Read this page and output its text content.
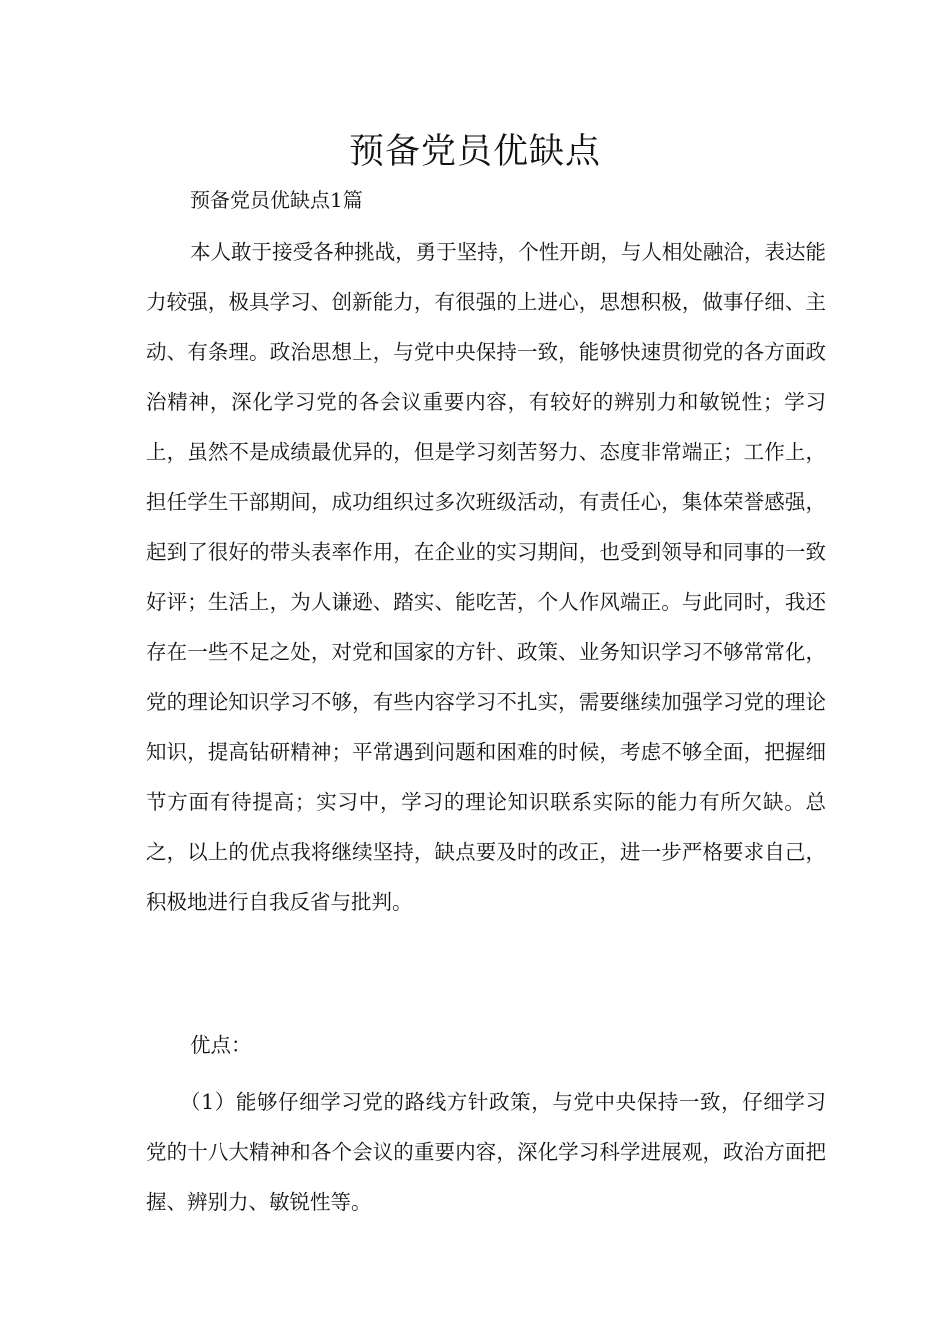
预备党员优缺点

预备党员优缺点1篇

本人敢于接受各种挑战，勇于坚持，个性开朗，与人相处融洽，表达能力较强，极具学习、创新能力，有很强的上进心，思想积极，做事仔细、主动、有条理。政治思想上，与党中央保持一致，能够快速贯彻党的各方面政治精神，深化学习党的各会议重要内容，有较好的辨别力和敏锐性；学习上，虽然不是成绩最优异的，但是学习刻苦努力、态度非常端正；工作上，担任学生干部期间，成功组织过多次班级活动，有责任心，集体荣誉感强，起到了很好的带头表率作用，在企业的实习期间，也受到领导和同事的一致好评；生活上，为人谦逊、踏实、能吃苦，个人作风端正。与此同时，我还存在一些不足之处，对党和国家的方针、政策、业务知识学习不够常常化，党的理论知识学习不够，有些内容学习不扎实，需要继续加强学习党的理论知识，提高钻研精神；平常遇到问题和困难的时候，考虑不够全面，把握细节方面有待提高；实习中，学习的理论知识联系实际的能力有所欠缺。总之，以上的优点我将继续坚持，缺点要及时的改正，进一步严格要求自己，积极地进行自我反省与批判。

优点：

（1）能够仔细学习党的路线方针政策，与党中央保持一致，仔细学习党的十八大精神和各个会议的重要内容，深化学习科学进展观，政治方面把握、辨别力、敏锐性等。
